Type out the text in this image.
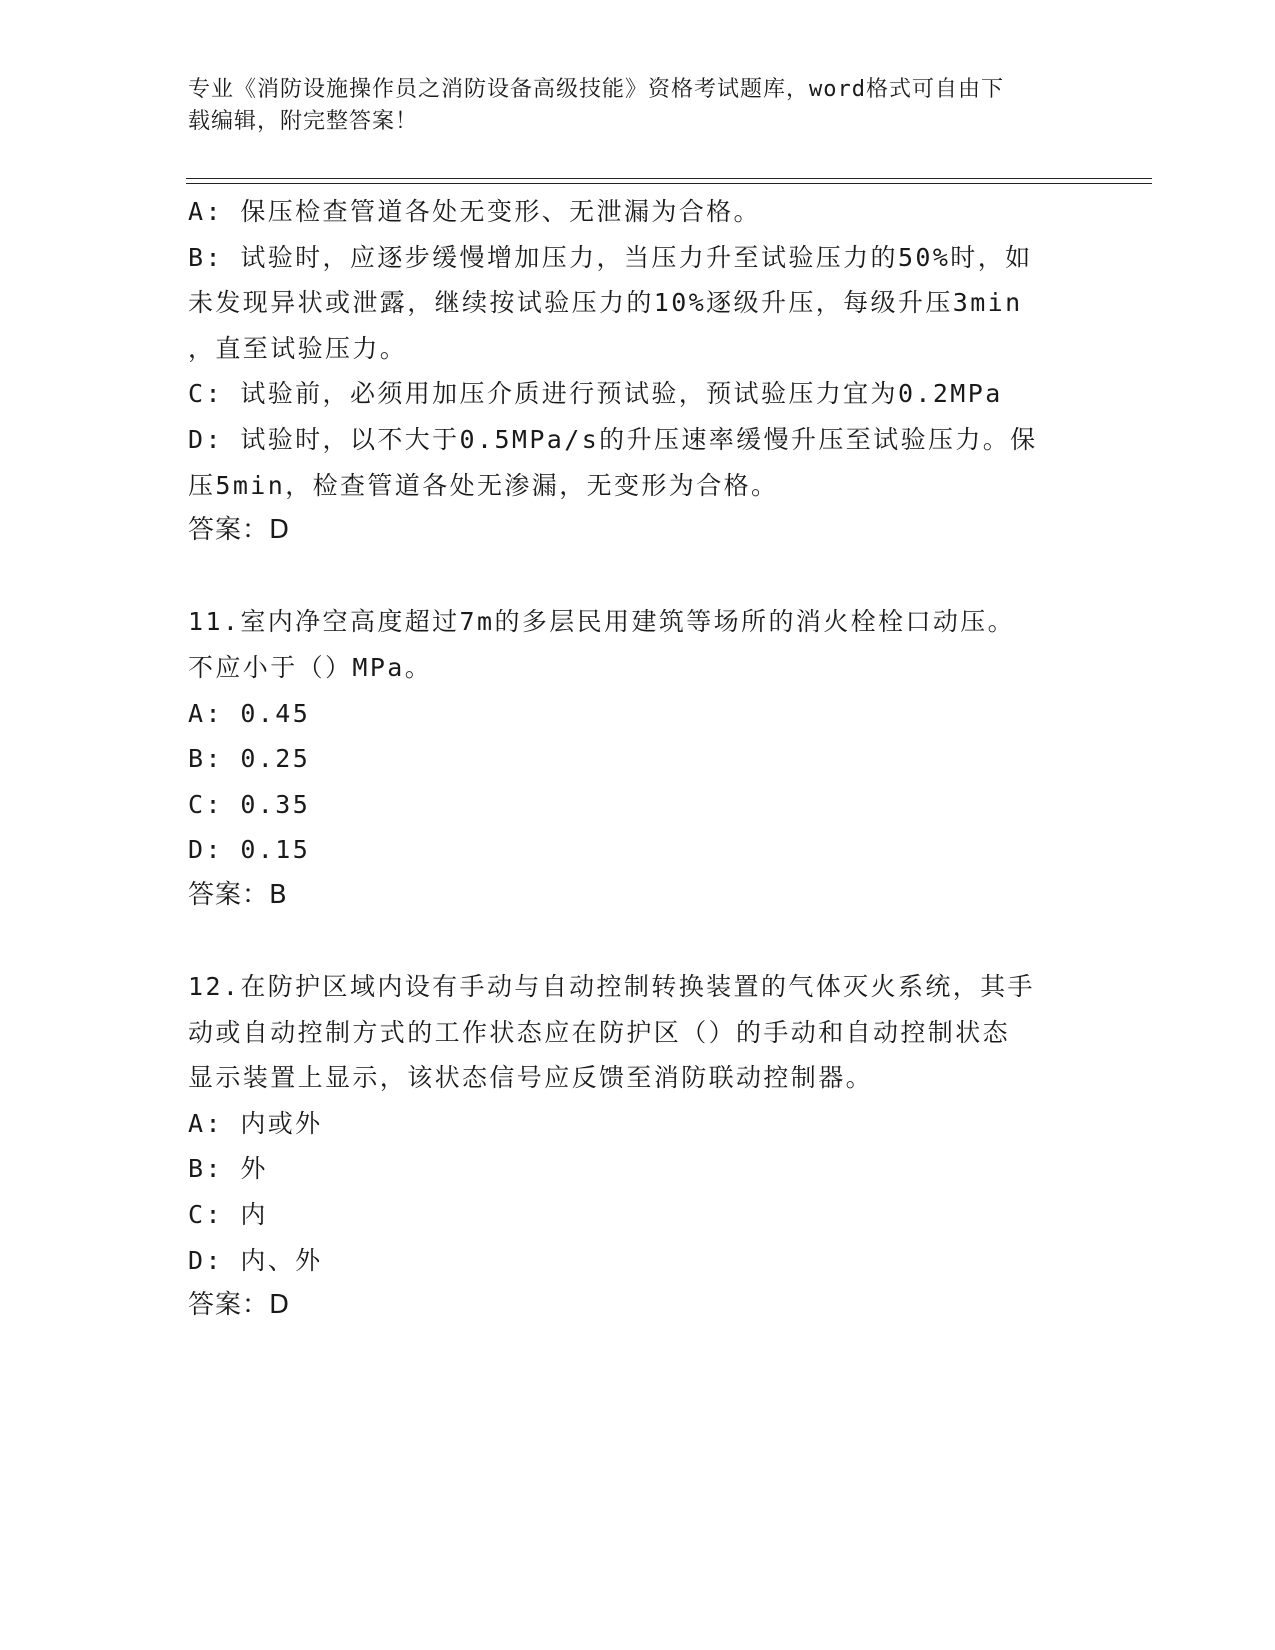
专业《消防设施操作员之消防设备高级技能》资格考试题库，word格式可自由下
载编辑，附完整答案！
A: 保压检查管道各处无变形、无泄漏为合格。
B: 试验时，应逐步缓慢增加压力，当压力升至试验压力的50%时，如
未发现异状或泄露，继续按试验压力的10%逐级升压，每级升压3min
，直至试验压力。
C: 试验前，必须用加压介质进行预试验，预试验压力宜为0.2MPa
D: 试验时，以不大于0.5MPa/s的升压速率缓慢升压至试验压力。保
压5min，检查管道各处无渗漏，无变形为合格。
答案：D
11.室内净空高度超过7m的多层民用建筑等场所的消火栓栓口动压。
不应小于（）MPa。
A: 0.45
B: 0.25
C: 0.35
D: 0.15
答案：B
12.在防护区域内设有手动与自动控制转换装置的气体灭火系统，其手
动或自动控制方式的工作状态应在防护区（）的手动和自动控制状态
显示装置上显示，该状态信号应反馈至消防联动控制器。
A: 内或外
B: 外
C: 内
D: 内、外
答案：D
